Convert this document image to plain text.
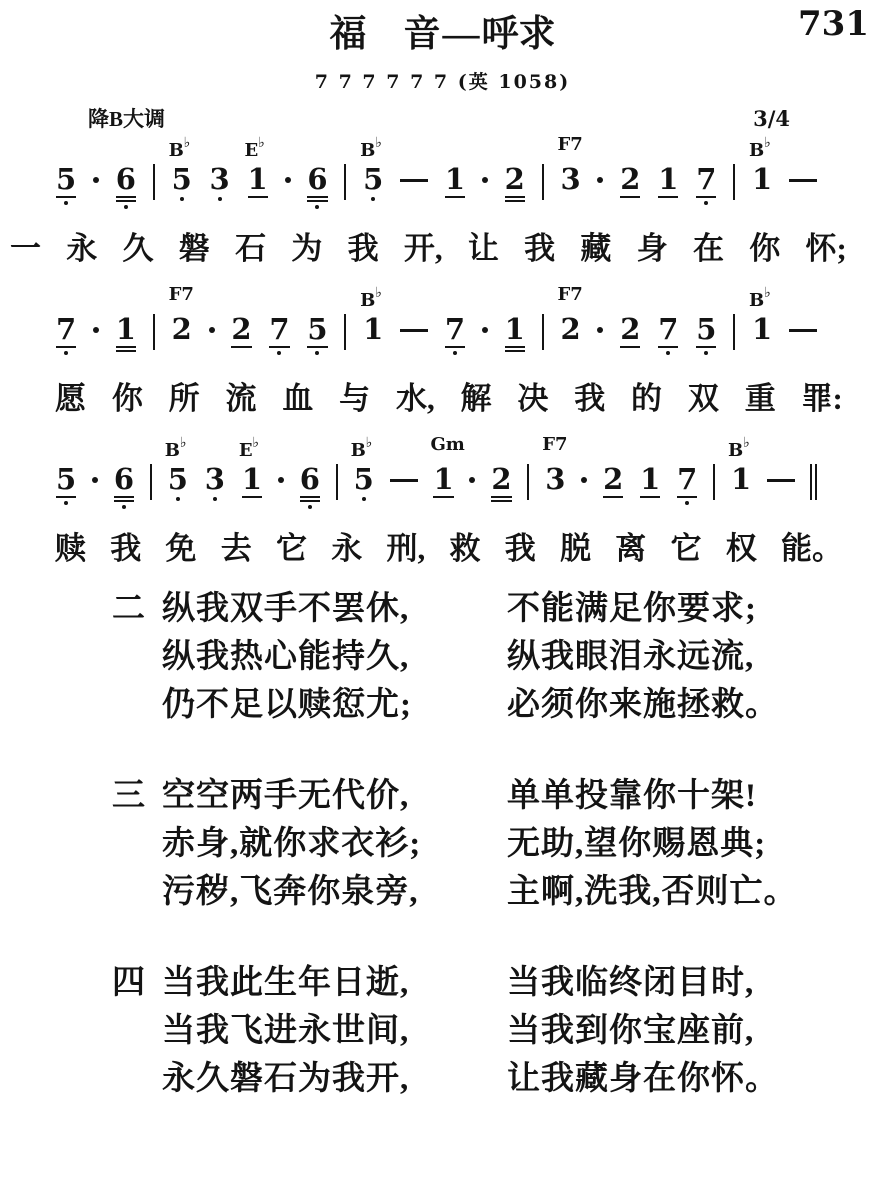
福　音—呼求	731
7 7 7 7 7 7 (英 1058)
降B大调	3/4
5 6
B♭
5 3
E♭
1 6
B♭
5 1 2
F7
3 2 1 7
B♭
1
一 永 久 磐 石 为 我 开, 让 我 藏 身 在 你 怀;
7 1
F7
2 2 7 5
B♭
1 7 1
F7
2 2 7 5
B♭
1
愿 你 所 流 血 与 水, 解 决 我 的 双 重 罪:
5 6
B♭
5 3
E♭
1 6
B♭
5
Gm
1 2
F7
3 2 1 7
B♭
1
赎 我 免 去 它 永 刑, 救 我 脱 离 它 权 能。
二 纵我双手不罢休,	不能满足你要求;
纵我热心能持久,	纵我眼泪永远流,
仍不足以赎愆尤;	必须你来施拯救。
三 空空两手无代价,	单单投靠你十架!
赤身,就你求衣衫;	无助,望你赐恩典;
污秽,飞奔你泉旁,	主啊,洗我,否则亡。
四 当我此生年日逝,	当我临终闭目时,
当我飞进永世间,	当我到你宝座前,
永久磐石为我开,	让我藏身在你怀。
